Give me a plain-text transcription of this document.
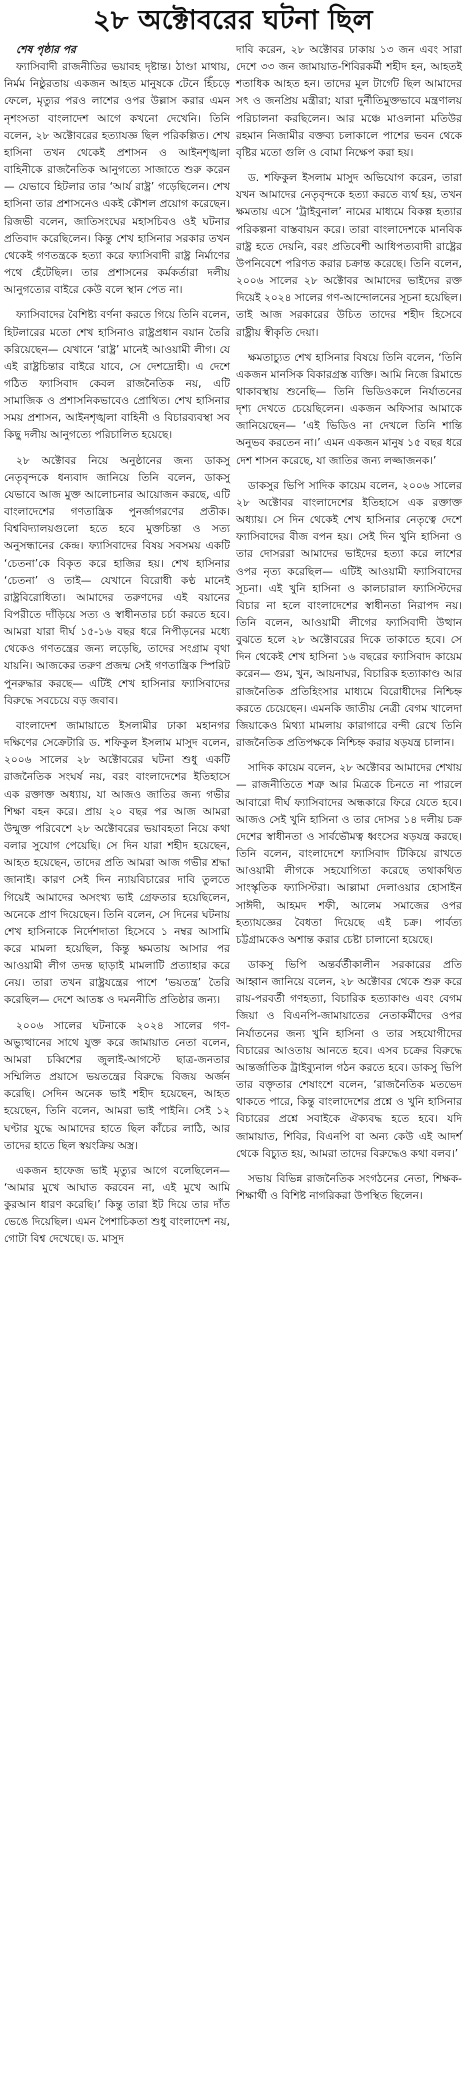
২৮ অক্টোবরের ঘটনা ছিল
শেষ পৃষ্ঠার পর

ফ্যাসিবাদী রাজনীতির ভয়াবহ দৃষ্টান্ত। ঠাণ্ডা মাথায়, নির্মম নিষ্ঠুরতায় একজন আহত মানুষকে টেনে হিঁচড়ে ফেলে, মৃত্যুর পরও লাশের ওপর উল্লাস করার এমন নৃশংসতা বাংলাদেশ আগে কখনো দেখেনি। তিনি বলেন, ২৮ অক্টোবরের হত্যাযজ্ঞ ছিল পরিকল্পিত। শেখ হাসিনা তখন থেকেই প্রশাসন ও আইনশৃঙ্খলা বাহিনীকে রাজনৈতিক আনুগত্যে সাজাতে শুরু করেন— যেভাবে হিটলার তার ‘আর্য রাষ্ট্র’ গড়েছিলেন। শেখ হাসিনা তার প্রশাসনেও একই কৌশল প্রয়োগ করেছেন। রিজভী বলেন, জাতিসংঘের মহাসচিবও ওই ঘটনার প্রতিবাদ করেছিলেন। কিন্তু শেখ হাসিনার সরকার তখন থেকেই গণতন্ত্রকে হত্যা করে ফ্যাসিবাদী রাষ্ট্র নির্মাণের পথে হেঁটেছিল। তার প্রশাসনের কর্মকর্তারা দলীয় আনুগত্যের বাইরে কেউ বলে স্থান পেত না।

ফ্যাসিবাদের বৈশিষ্ট্য বর্ণনা করতে গিয়ে তিনি বলেন, হিটলারের মতো শেখ হাসিনাও রাষ্ট্রপ্রধান বয়ান তৈরি করিয়েছেন— যেখানে ‘রাষ্ট্র’ মানেই আওয়ামী লীগ। যে এই রাষ্ট্রচিন্তার বাইরে যাবে, সে দেশদ্রোহী। এ দেশে গঠিত ফ্যাসিবাদ কেবল রাজনৈতিক নয়, এটি সামাজিক ও প্রশাসনিকভাবেও প্রোথিত। শেখ হাসিনার সময় প্রশাসন, আইনশৃঙ্খলা বাহিনী ও বিচারব্যবস্থা সব কিছু দলীয় আনুগত্যে পরিচালিত হয়েছে।

২৮ অক্টোবর নিয়ে অনুষ্ঠানের জন্য ডাকসু নেতৃবৃন্দকে ধন্যবাদ জানিয়ে তিনি বলেন, ডাকসু যেভাবে আজ মুক্ত আলোচনার আয়োজন করছে, এটি বাংলাদেশের গণতান্ত্রিক পুনর্জাগরণের প্রতীক। বিশ্ববিদ্যালয়গুলো হতে হবে মুক্তচিন্তা ও সত্য অনুসন্ধানের কেন্দ্র। ফ্যাসিবাদের বিষয় সবসময় একটি ‘চেতনা’কে বিকৃত করে হাজির হয়। শেখ হাসিনার ‘চেতনা’ ও তাই— যেখানে বিরোধী কণ্ঠ মানেই রাষ্ট্রবিরোধিতা। আমাদের তরুণদের এই বয়ানের বিপরীতে দাঁড়িয়ে সত্য ও স্বাধীনতার চর্চা করতে হবে। আমরা যারা দীর্ঘ ১৫-১৬ বছর ধরে নিপীড়নের মধ্যে থেকেও গণতন্ত্রের জন্য লড়েছি, তাদের সংগ্রাম বৃথা যায়নি। আজকের তরুণ প্রজন্ম সেই গণতান্ত্রিক স্পিরিট পুনরুদ্ধার করছে— এটিই শেখ হাসিনার ফ্যাসিবাদের বিরুদ্ধে সবচেয়ে বড় জবাব।

বাংলাদেশ জামায়াতে ইসলামীর ঢাকা মহানগর দক্ষিণের সেক্রেটারি ড. শফিকুল ইসলাম মাসুদ বলেন, ২০০৬ সালের ২৮ অক্টোবরের ঘটনা শুধু একটি রাজনৈতিক সংঘর্ষ নয়, বরং বাংলাদেশের ইতিহাসে এক রক্তাক্ত অধ্যায়, যা আজও জাতির জন্য গভীর শিক্ষা বহন করে। প্রায় ২০ বছর পর আজ আমরা উন্মুক্ত পরিবেশে ২৮ অক্টোবরের ভয়াবহতা নিয়ে কথা বলার সুযোগ পেয়েছি। সে দিন যারা শহীদ হয়েছেন, আহত হয়েছেন, তাদের প্রতি আমরা আজ গভীর শ্রদ্ধা জানাই। কারণ সেই দিন ন্যায়বিচারের দাবি তুলতে গিয়েই আমাদের অসংখ্য ভাই গ্রেফতার হয়েছিলেন, অনেকে প্রাণ দিয়েছেন। তিনি বলেন, সে দিনের ঘটনায় শেখ হাসিনাকে নির্দেশদাতা হিসেবে ১ নম্বর আসামি করে মামলা হয়েছিল, কিন্তু ক্ষমতায় আসার পর আওয়ামী লীগ তদন্ত ছাড়াই মামলাটি প্রত্যাহার করে নেয়। তারা তখন রাষ্ট্রযন্ত্রের পাশে ‘ভয়তন্ত্র’ তৈরি করেছিল— দেশে আতঙ্ক ও দমননীতি প্রতিষ্ঠার জন্য।

২০০৬ সালের ঘটনাকে ২০২৪ সালের গণ-অভ্যুত্থানের সাথে যুক্ত করে জামায়াত নেতা বলেন, আমরা চব্বিশের জুলাই-আগস্টে ছাত্র-জনতার সম্মিলিত প্রয়াসে ভয়তন্ত্রের বিরুদ্ধে বিজয় অর্জন করেছি। সেদিন অনেক ভাই শহীদ হয়েছেন, আহত হয়েছেন, তিনি বলেন, আমরা ভাই পাইনি। সেই ১২ ঘণ্টার যুদ্ধে আমাদের হাতে ছিল কাঁচের লাঠি, আর তাদের হাতে ছিল স্বয়ংক্রিয় অস্ত্র।

একজন হাফেজ ভাই মৃত্যুর আগে বলেছিলেন— ‘আমার মুখে আঘাত করবেন না, এই মুখে আমি কুরআন ধারণ করেছি।’ কিন্তু তারা ইট দিয়ে তার দাঁত ভেঙে দিয়েছিল। এমন পৈশাচিকতা শুধু বাংলাদেশ নয়, গোটা বিশ্ব দেখেছে। ড. মাসুদ

দাবি করেন, ২৮ অক্টোবর ঢাকায় ১৩ জন এবং সারা দেশে ৩৩ জন জামায়াত-শিবিরকর্মী শহীদ হন, আহতই শতাধিক আহত হন। তাদের মূল টার্গেট ছিল আমাদের সৎ ও জনপ্রিয় মন্ত্রীরা; যারা দুর্নীতিমুক্তভাবে মন্ত্রণালয় পরিচালনা করছিলেন। আর মঞ্চে মাওলানা মতিউর রহমান নিজামীর বক্তব্য চলাকালে পাশের ভবন থেকে বৃষ্টির মতো গুলি ও বোমা নিক্ষেপ করা হয়।

ড. শফিকুল ইসলাম মাসুদ অভিযোগ করেন, তারা যখন আমাদের নেতৃবৃন্দকে হত্যা করতে ব্যর্থ হয়, তখন ক্ষমতায় এসে ‘ট্রাইবুনাল’ নামের মাধ্যমে বিকল্প হত্যার পরিকল্পনা বাস্তবায়ন করে। তারা বাংলাদেশকে মানবিক রাষ্ট্র হতে দেয়নি, বরং প্রতিবেশী আধিপত্যবাদী রাষ্ট্রের উপনিবেশে পরিণত করার চক্রান্ত করেছে। তিনি বলেন, ২০০৬ সালের ২৮ অক্টোবর আমাদের ভাইদের রক্ত দিয়েই ২০২৪ সালের গণ-আন্দোলনের সূচনা হয়েছিল। তাই আজ সরকারের উচিত তাদের শহীদ হিসেবে রাষ্ট্রীয় স্বীকৃতি দেয়া।

ক্ষমতাচ্যুত শেখ হাসিনার বিষয়ে তিনি বলেন, ‘তিনি একজন মানসিক বিকারগ্রস্ত ব্যক্তি। আমি নিজে রিমান্ডে থাকাবস্থায় শুনেছি— তিনি ভিডিওকলে নির্যাতনের দৃশ্য দেখতে চেয়েছিলেন। একজন অফিসার আমাকে জানিয়েছেন— ‘এই ভিডিও না দেখলে তিনি শান্তি অনুভব করতেন না।’ এমন একজন মানুষ ১৫ বছর ধরে দেশ শাসন করেছে, যা জাতির জন্য লজ্জাজনক।’

ডাকসুর ভিপি সাদিক কায়েম বলেন, ২০০৬ সালের ২৮ অক্টোবর বাংলাদেশের ইতিহাসে এক রক্তাক্ত অধ্যায়। সে দিন থেকেই শেখ হাসিনার নেতৃত্বে দেশে ফ্যাসিবাদের বীজ বপন হয়। সেই দিন খুনি হাসিনা ও তার দোসররা আমাদের ভাইদের হত্যা করে লাশের ওপর নৃত্য করেছিল— এটিই আওয়ামী ফ্যাসিবাদের সূচনা। এই খুনি হাসিনা ও কালচারাল ফ্যাসিস্টদের বিচার না হলে বাংলাদেশের স্বাধীনতা নিরাপদ নয়। তিনি বলেন, আওয়ামী লীগের ফ্যাসিবাদী উত্থান বুঝতে হলে ২৮ অক্টোবরের দিকে তাকাতে হবে। সে দিন থেকেই শেখ হাসিনা ১৬ বছরের ফ্যাসিবাদ কায়েম করেন— গুম, খুন, আয়নাঘর, বিচারিক হত্যাকাণ্ড আর রাজনৈতিক প্রতিহিংসার মাধ্যমে বিরোধীদের নিশ্চিহ্ন করতে চেয়েছেন। এমনকি জাতীয় নেত্রী বেগম খালেদা জিয়াকেও মিথ্যা মামলায় কারাগারে বন্দী রেখে তিনি রাজনৈতিক প্রতিপক্ষকে নিশ্চিহ্ন করার ষড়যন্ত্র চালান।

সাদিক কায়েম বলেন, ২৮ অক্টোবর আমাদের শেখায়— রাজনীতিতে শত্রু আর মিত্রকে চিনতে না পারলে আবারো দীর্ঘ ফ্যাসিবাদের অন্ধকারে ফিরে যেতে হবে। আজও সেই খুনি হাসিনা ও তার দোসর ১৪ দলীয় চক্র দেশের স্বাধীনতা ও সার্বভৌমত্ব ধ্বংসের ষড়যন্ত্র করছে। তিনি বলেন, বাংলাদেশে ফ্যাসিবাদ টিকিয়ে রাখতে আওয়ামী লীগকে সহযোগিতা করেছে তথাকথিত সাংস্কৃতিক ফ্যাসিস্টরা। আল্লামা দেলাওয়ার হোসাইন সাঈদী, আহমদ শফী, আলেম সমাজের ওপর হত্যাযজ্ঞের বৈধতা দিয়েছে এই চক্র। পার্বত্য চট্টগ্রামকেও অশান্ত করার চেষ্টা চালানো হয়েছে।

ডাকসু ভিপি অন্তর্বর্তীকালীন সরকারের প্রতি আহ্বান জানিয়ে বলেন, ২৮ অক্টোবর থেকে শুরু করে রায়-পরবর্তী গণহত্যা, বিচারিক হত্যাকাণ্ড এবং বেগম জিয়া ও বিএনপি-জামায়াতের নেতাকর্মীদের ওপর নির্যাতনের জন্য খুনি হাসিনা ও তার সহযোগীদের বিচারের আওতায় আনতে হবে। এসব চক্রের বিরুদ্ধে আন্তর্জাতিক ট্রাইব্যুনাল গঠন করতে হবে। ডাকসু ভিপি তার বক্তৃতার শেষাংশে বলেন, ‘রাজনৈতিক মতভেদ থাকতে পারে, কিন্তু বাংলাদেশের প্রশ্নে ও খুনি হাসিনার বিচারের প্রশ্নে সবাইকে ঐক্যবদ্ধ হতে হবে। যদি জামায়াত, শিবির, বিএনপি বা অন্য কেউ এই আদর্শ থেকে বিচ্যুত হয়, আমরা তাদের বিরুদ্ধেও কথা বলব।’

সভায় বিভিন্ন রাজনৈতিক সংগঠনের নেতা, শিক্ষক-শিক্ষার্থী ও বিশিষ্ট নাগরিকরা উপস্থিত ছিলেন।
